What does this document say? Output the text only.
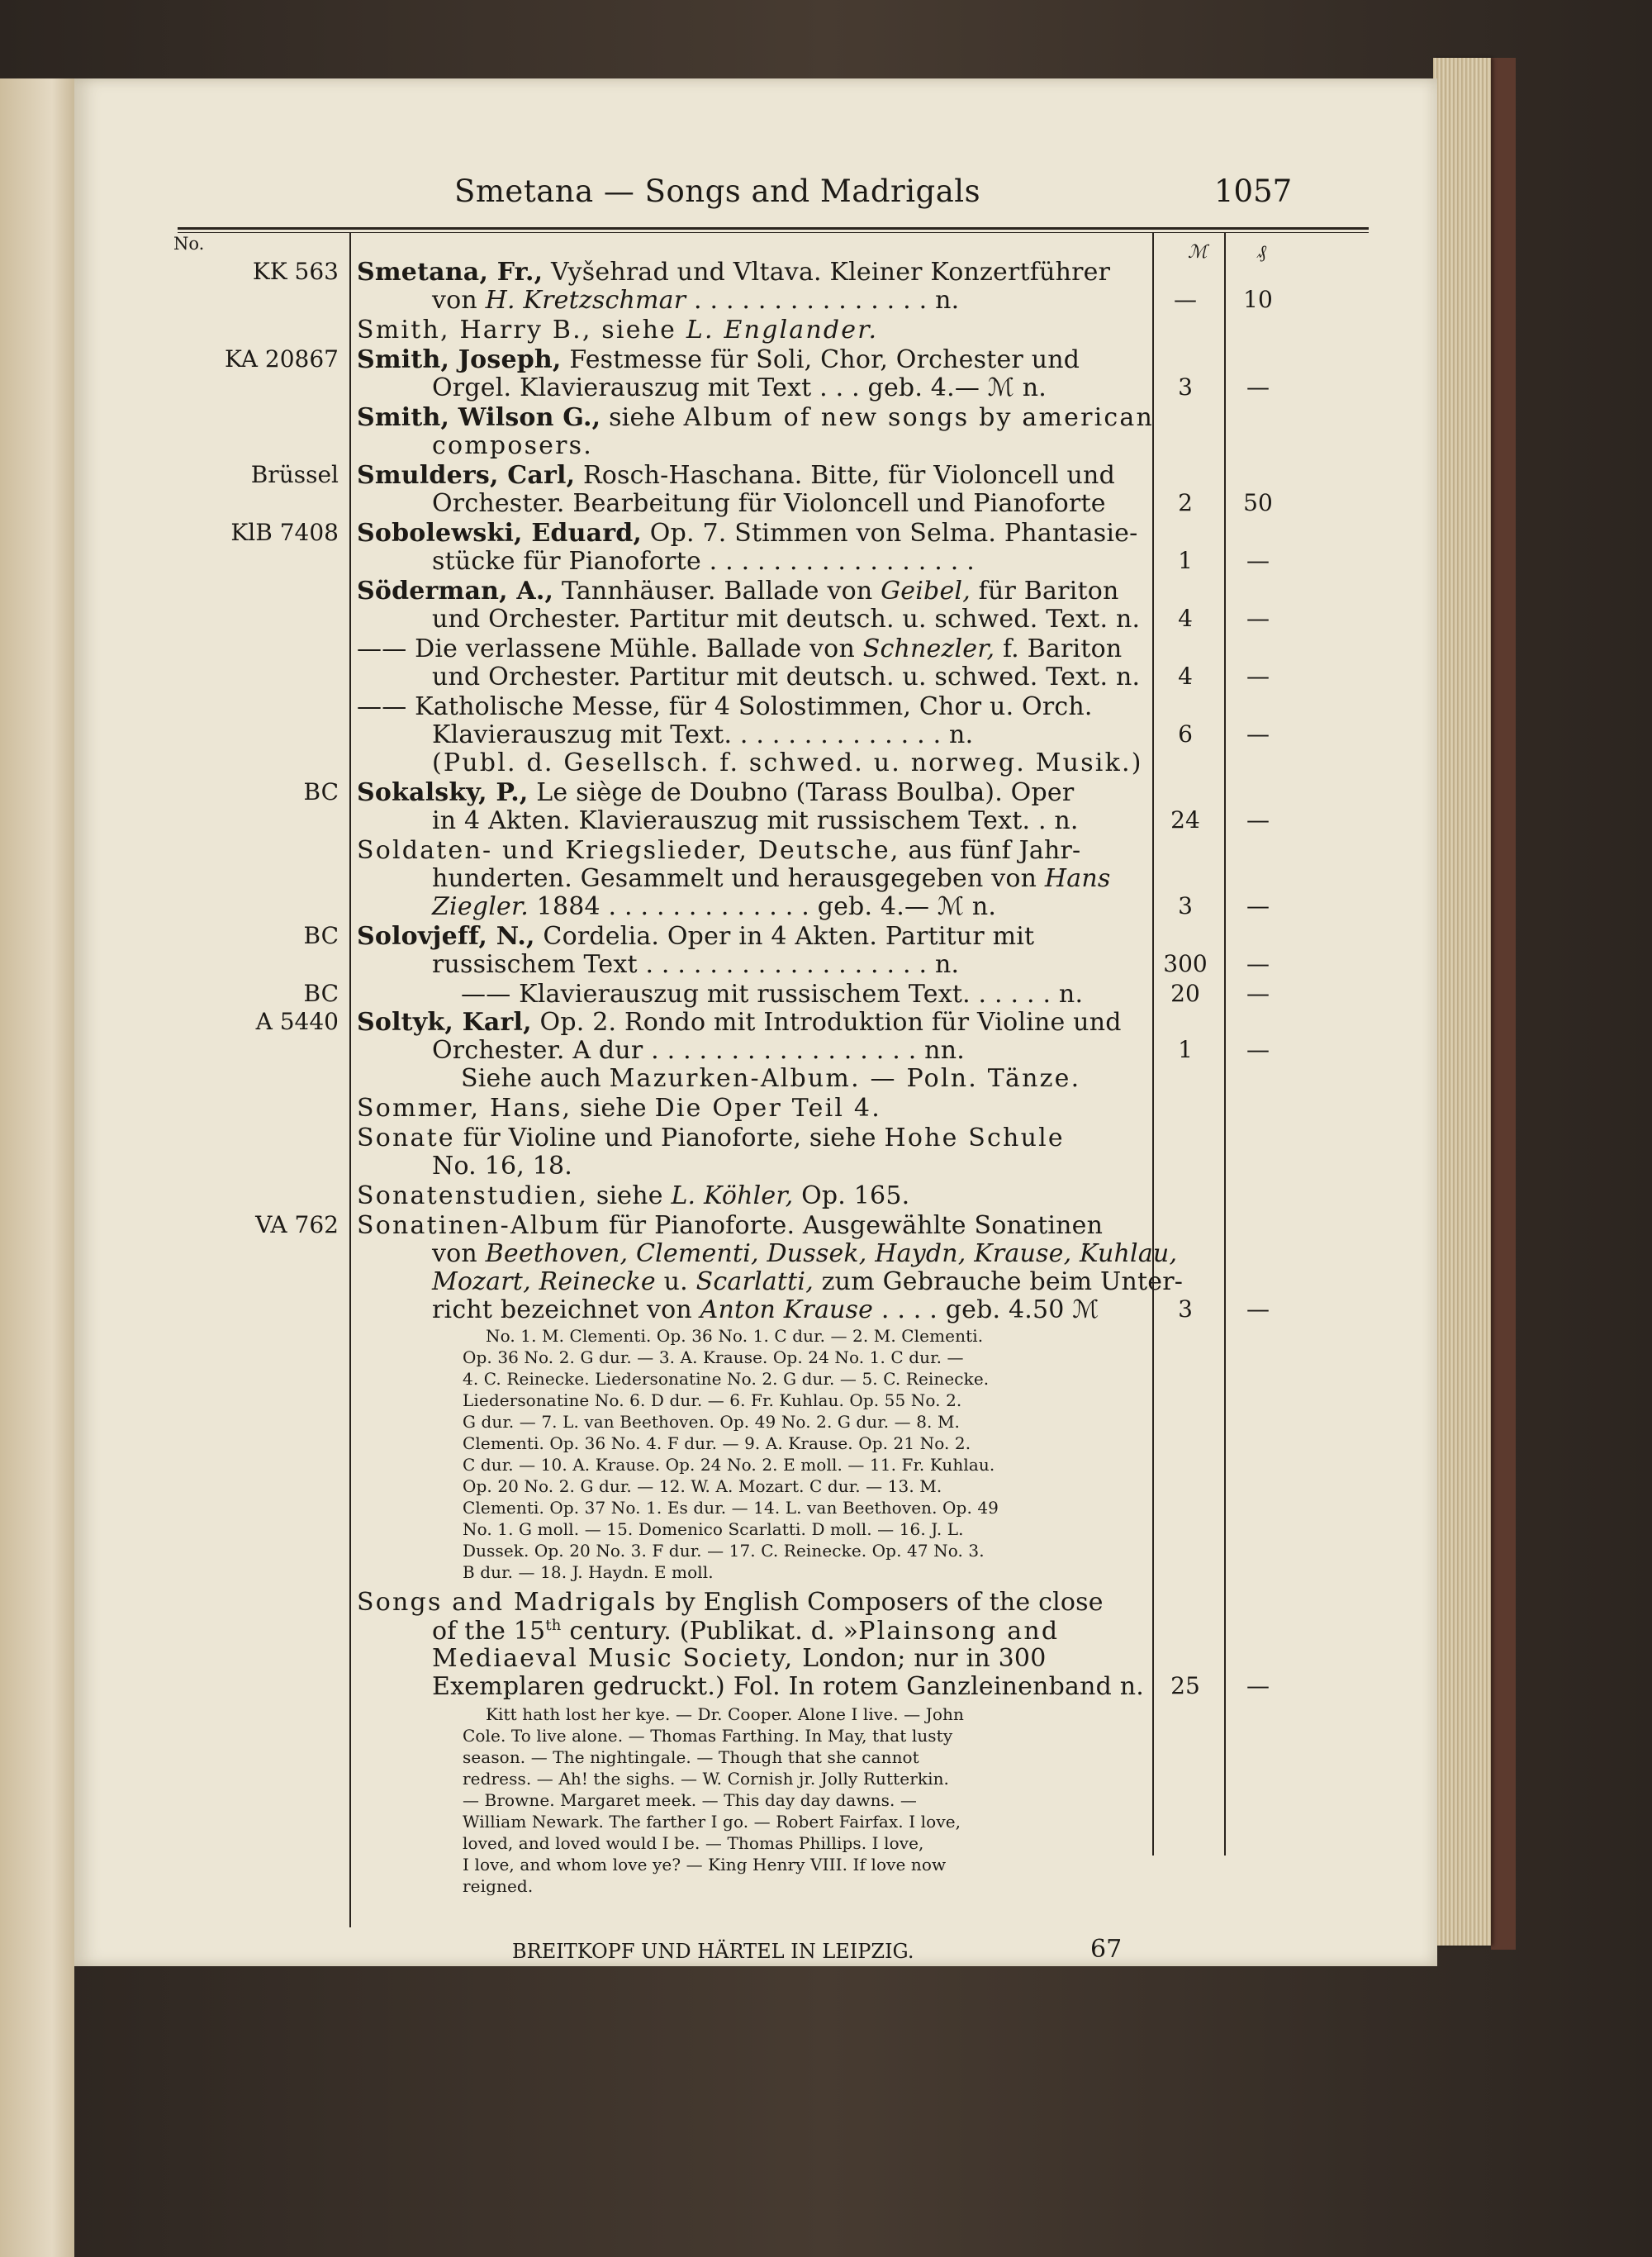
Smetana — Songs and Madrigals	1057
No.	ℳ	₰
KK 563 Smetana, Fr., Vyšehrad und Vltava. Kleiner Konzertführer
von H. Kretzschmar . . . . . . . . . . . . . . . n.	—	10
Smith, Harry B., siehe L. Englander.
KA 20867 Smith, Joseph, Festmesse für Soli, Chor, Orchester und
Orgel. Klavierauszug mit Text . . . geb. 4.— ℳ n.	3	—
Smith, Wilson G., siehe Album of new songs by american
composers.
Brüssel Smulders, Carl, Rosch-Haschana. Bitte, für Violoncell und
Orchester. Bearbeitung für Violoncell und Pianoforte	2	50
KlB 7408 Sobolewski, Eduard, Op. 7. Stimmen von Selma. Phantasie-
stücke für Pianoforte . . . . . . . . . . . . . . . . .	1	—
Söderman, A., Tannhäuser. Ballade von Geibel, für Bariton
und Orchester. Partitur mit deutsch. u. schwed. Text. n.	4	—
—— Die verlassene Mühle. Ballade von Schnezler, f. Bariton
und Orchester. Partitur mit deutsch. u. schwed. Text. n.	4	—
—— Katholische Messe, für 4 Solostimmen, Chor u. Orch.
Klavierauszug mit Text. . . . . . . . . . . . . . n.	6	—
(Publ. d. Gesellsch. f. schwed. u. norweg. Musik.)
BC Sokalsky, P., Le siège de Doubno (Tarass Boulba). Oper
in 4 Akten. Klavierauszug mit russischem Text. . n.	24	—
Soldaten- und Kriegslieder, Deutsche, aus fünf Jahr-
hunderten. Gesammelt und herausgegeben von Hans
Ziegler. 1884 . . . . . . . . . . . . . geb. 4.— ℳ n.	3	—
BC Solovjeff, N., Cordelia. Oper in 4 Akten. Partitur mit
russischem Text . . . . . . . . . . . . . . . . . . n.	300	—
BC	—— Klavierauszug mit russischem Text. . . . . . n.	20	—
A 5440 Soltyk, Karl, Op. 2. Rondo mit Introduktion für Violine und
Orchester. A dur . . . . . . . . . . . . . . . . . nn.	1	—
Siehe auch Mazurken-Album. — Poln. Tänze.
Sommer, Hans, siehe Die Oper Teil 4.
Sonate für Violine und Pianoforte, siehe Hohe Schule
No. 16, 18.
Sonatenstudien, siehe L. Köhler, Op. 165.
VA 762 Sonatinen-Album für Pianoforte. Ausgewählte Sonatinen
von Beethoven, Clementi, Dussek, Haydn, Krause, Kuhlau,
Mozart, Reinecke u. Scarlatti, zum Gebrauche beim Unter-
richt bezeichnet von Anton Krause . . . . geb. 4.50 ℳ	3	—
No. 1. M. Clementi. Op. 36 No. 1. C dur. — 2. M. Clementi.
Op. 36 No. 2. G dur. — 3. A. Krause. Op. 24 No. 1. C dur. —
4. C. Reinecke. Liedersonatine No. 2. G dur. — 5. C. Reinecke.
Liedersonatine No. 6. D dur. — 6. Fr. Kuhlau. Op. 55 No. 2.
G dur. — 7. L. van Beethoven. Op. 49 No. 2. G dur. — 8. M.
Clementi. Op. 36 No. 4. F dur. — 9. A. Krause. Op. 21 No. 2.
C dur. — 10. A. Krause. Op. 24 No. 2. E moll. — 11. Fr. Kuhlau.
Op. 20 No. 2. G dur. — 12. W. A. Mozart. C dur. — 13. M.
Clementi. Op. 37 No. 1. Es dur. — 14. L. van Beethoven. Op. 49
No. 1. G moll. — 15. Domenico Scarlatti. D moll. — 16. J. L.
Dussek. Op. 20 No. 3. F dur. — 17. C. Reinecke. Op. 47 No. 3.
B dur. — 18. J. Haydn. E moll.
Songs and Madrigals by English Composers of the close
of the 15th century. (Publikat. d. »Plainsong and
Mediaeval Music Society, London; nur in 300
Exemplaren gedruckt.) Fol. In rotem Ganzleinenband n.	25	—
Kitt hath lost her kye. — Dr. Cooper. Alone I live. — John
Cole. To live alone. — Thomas Farthing. In May, that lusty
season. — The nightingale. — Though that she cannot
redress. — Ah! the sighs. — W. Cornish jr. Jolly Rutterkin.
— Browne. Margaret meek. — This day day dawns. —
William Newark. The farther I go. — Robert Fairfax. I love,
loved, and loved would I be. — Thomas Phillips. I love,
I love, and whom love ye? — King Henry VIII. If love now
reigned.
BREITKOPF UND HÄRTEL IN LEIPZIG.	67
